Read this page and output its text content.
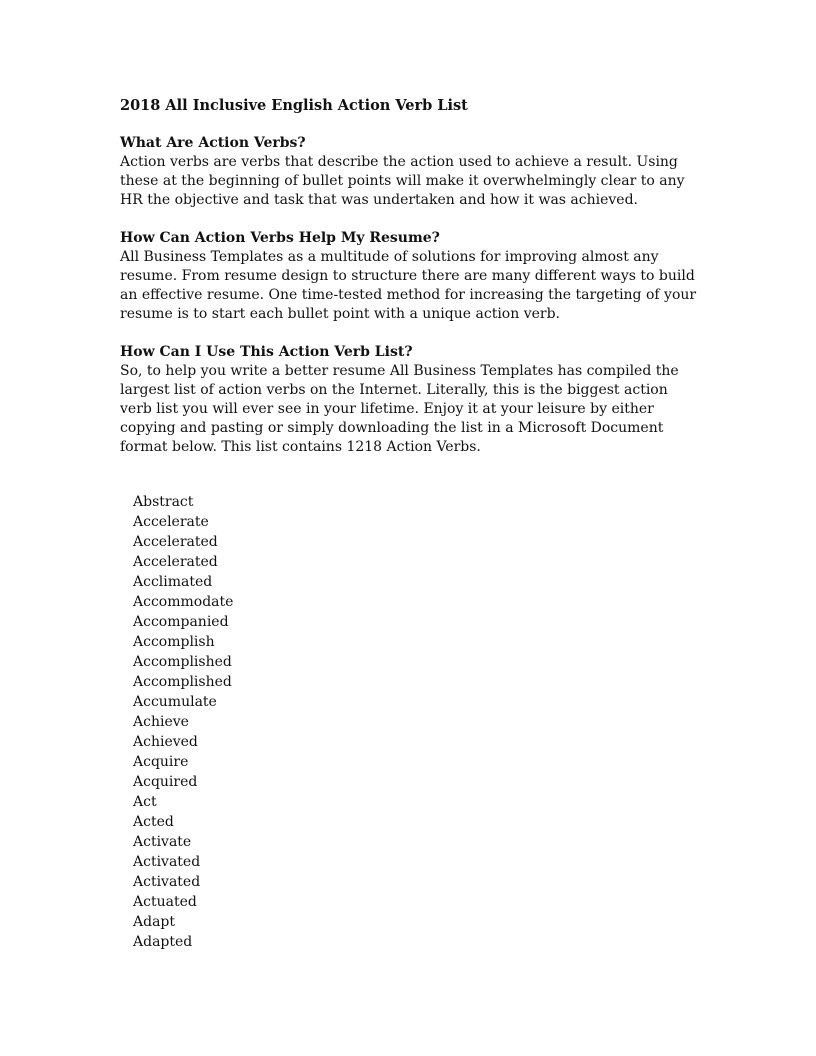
2018 All Inclusive English Action Verb List
What Are Action Verbs?

Action verbs are verbs that describe the action used to achieve a result. Using these at the beginning of bullet points will make it overwhelmingly clear to any HR the objective and task that was undertaken and how it was achieved.

How Can Action Verbs Help My Resume?

All Business Templates as a multitude of solutions for improving almost any resume. From resume design to structure there are many different ways to build an effective resume. One time-tested method for increasing the targeting of your resume is to start each bullet point with a unique action verb.

How Can I Use This Action Verb List?

So, to help you write a better resume All Business Templates has compiled the largest list of action verbs on the Internet. Literally, this is the biggest action verb list you will ever see in your lifetime. Enjoy it at your leisure by either copying and pasting or simply downloading the list in a Microsoft Document format below. This list contains 1218 Action Verbs.

Abstract
Accelerate
Accelerated
Accelerated
Acclimated
Accommodate
Accompanied
Accomplish
Accomplished
Accomplished
Accumulate
Achieve
Achieved
Acquire
Acquired
Act
Acted
Activate
Activated
Activated
Actuated
Adapt
Adapted
